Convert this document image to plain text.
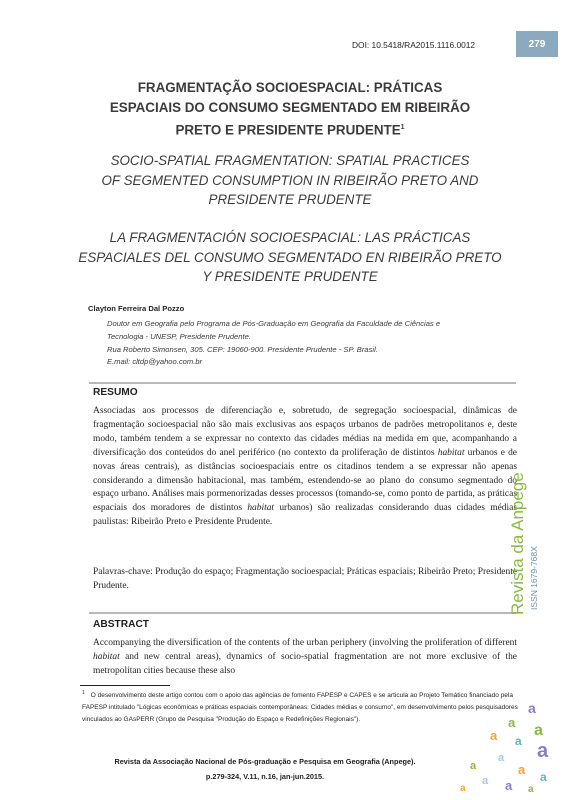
DOI: 10.5418/RA2015.1116.0012	279
FRAGMENTAÇÃO SOCIOESPACIAL: PRÁTICAS
ESPACIAIS DO CONSUMO SEGMENTADO EM RIBEIRÃO
PRETO E PRESIDENTE PRUDENTE$^1$
SOCIO-SPATIAL FRAGMENTATION: SPATIAL PRACTICES
OF SEGMENTED CONSUMPTION IN RIBEIRÃO PRETO AND
PRESIDENTE PRUDENTE
LA FRAGMENTACIÓN SOCIOESPACIAL: LAS PRÁCTICAS
ESPACIALES DEL CONSUMO SEGMENTADO EN RIBEIRÃO PRETO
Y PRESIDENTE PRUDENTE
Clayton Ferreira Dal Pozzo
Doutor em Geografia pelo Programa de Pós-Graduação em Geografia da Faculdade de Ciências e
Tecnologia - UNESP, Presidente Prudente.
Rua Roberto Simonsen, 305. CEP: 19060-900. Presidente Prudente - SP. Brasil.
E.mail: cltdp@yahoo.com.br
RESUMO
Associadas aos processos de diferenciação e, sobretudo, de segregação socioespacial, dinâmicas de fragmentação socioespacial não são mais exclusivas aos espaços urbanos de padrões metropolitanos e, deste modo, também tendem a se expressar no contexto das cidades médias na medida em que, acompanhando a diversificação dos conteúdos do anel periférico (no contexto da proliferação de distintos habitat urbanos e de novas áreas centrais), as distâncias socioespaciais entre os citadinos tendem a se expressar não apenas considerando a dimensão habitacional, mas também, estendendo-se ao plano do consumo segmentado do espaço urbano. Análises mais pormenorizadas desses processos (tomando-se, como ponto de partida, as práticas espaciais dos moradores de distintos habitat urbanos) são realizadas considerando duas cidades médias paulistas: Ribeirão Preto e Presidente Prudente.
Palavras-chave: Produção do espaço; Fragmentação socioespacial; Práticas espaciais; Ribeirão Preto; Presidente Prudente.
ABSTRACT
Accompanying the diversification of the contents of the urban periphery (involving the proliferation of different habitat and new central areas), dynamics of socio-spatial fragmentation are not more exclusive of the metropolitan cities because these also
$^1$ O desenvolvimento deste artigo contou com o apoio das agências de fomento FAPESP e CAPES e se articula ao Projeto Temático financiado pela FAPESP intitulado "Lógicas econômicas e práticas espaciais contemporâneas: Cidades médias e consumo", em desenvolvimento pelos pesquisadores vinculados ao GAsPERR (Grupo de Pesquisa "Produção do Espaço e Redefinições Regionais").
Revista da Associação Nacional de Pós-graduação e Pesquisa em Geografia (Anpege).
p.279-324, V.11, n.16, jan-jun.2015.
Revista da Anpege ISSN 1679-768X
a
a a
a a a
a
a	a a
a a
a	a
